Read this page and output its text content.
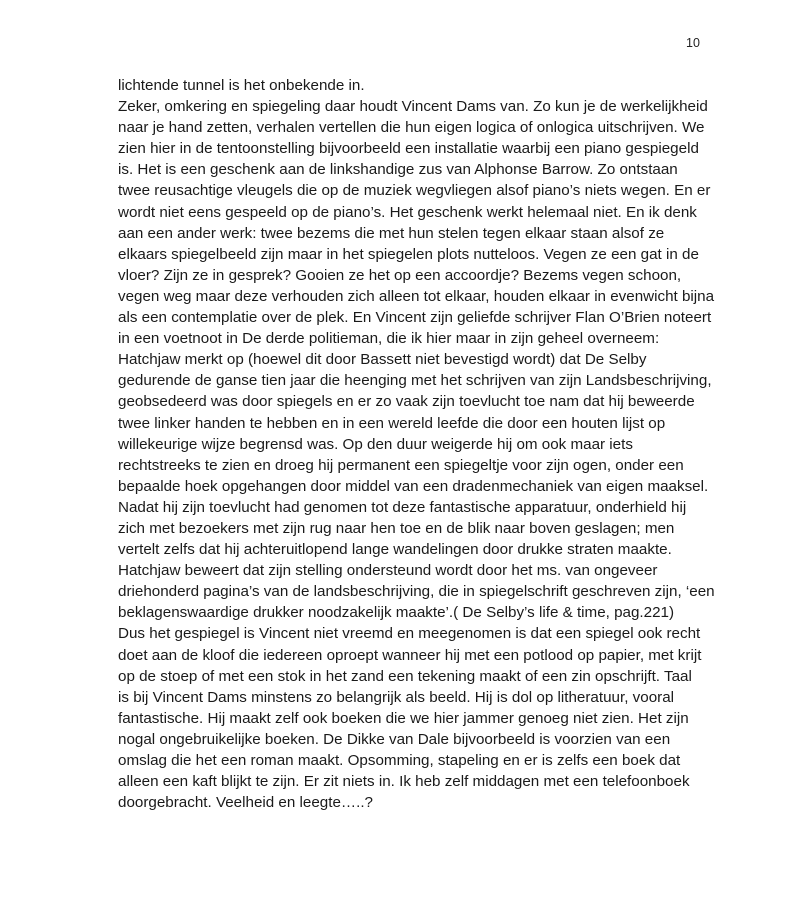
10
lichtende tunnel is het onbekende in.
Zeker, omkering en spiegeling daar houdt Vincent Dams van. Zo kun je de werkelijkheid
naar je hand zetten, verhalen vertellen die hun eigen logica of onlogica uitschrijven. We
zien hier in de tentoonstelling bijvoorbeeld een installatie waarbij een piano gespiegeld
is. Het is een geschenk aan de linkshandige zus van Alphonse Barrow. Zo ontstaan
twee reusachtige vleugels die op de muziek wegvliegen alsof piano’s niets wegen. En er
wordt niet eens gespeeld op de piano’s. Het geschenk werkt helemaal niet. En ik denk
aan een ander werk: twee bezems die met hun stelen tegen elkaar staan alsof ze
elkaars spiegelbeeld zijn maar in het spiegelen plots nutteloos. Vegen ze een gat in de
vloer? Zijn ze in gesprek? Gooien ze het op een accoordje? Bezems vegen schoon,
vegen weg maar deze verhouden zich alleen tot elkaar, houden elkaar in evenwicht bijna
als een contemplatie over de plek. En Vincent zijn geliefde schrijver Flan O’Brien noteert
in een voetnoot in De derde politieman, die ik hier maar in zijn geheel overneem:
Hatchjaw merkt op (hoewel dit door Bassett niet bevestigd wordt) dat De Selby
gedurende de ganse tien jaar die heenging met het schrijven van zijn Landsbeschrijving,
geobsedeerd was door spiegels en er zo vaak zijn toevlucht toe nam dat hij beweerde
twee linker handen te hebben en in een wereld leefde die door een houten lijst op
willekeurige wijze begrensd was. Op den duur weigerde hij om ook maar iets
rechtstreeks te zien en droeg hij permanent een spiegeltje voor zijn ogen, onder een
bepaalde hoek opgehangen door middel van een dradenmechaniek van eigen maaksel.
Nadat hij zijn toevlucht had genomen tot deze fantastische apparatuur, onderhield hij
zich met bezoekers met zijn rug naar hen toe en de blik naar boven geslagen; men
vertelt zelfs dat hij achteruitlopend lange wandelingen door drukke straten maakte.
Hatchjaw beweert dat zijn stelling ondersteund wordt door het ms. van ongeveer
driehonderd pagina’s van de landsbeschrijving, die in spiegelschrift geschreven zijn, ‘een
beklagenswaardige drukker noodzakelijk maakte’.( De Selby’s life & time, pag.221)
Dus het gespiegel is Vincent niet vreemd en meegenomen is dat een spiegel ook recht
doet aan de kloof die iedereen oproept wanneer hij met een potlood op papier, met krijt
op de stoep of met een stok in het zand een tekening maakt of een zin opschrijft. Taal
is bij Vincent Dams minstens zo belangrijk als beeld. Hij is dol op litheratuur, vooral
fantastische. Hij maakt zelf ook boeken die we hier jammer genoeg niet zien. Het zijn
nogal ongebruikelijke boeken. De Dikke van Dale bijvoorbeeld is voorzien van een
omslag die het een roman maakt. Opsomming, stapeling en er is zelfs een boek dat
alleen een kaft blijkt te zijn. Er zit niets in. Ik heb zelf middagen met een telefoonboek
doorgebracht. Veelheid en leegte…..?
